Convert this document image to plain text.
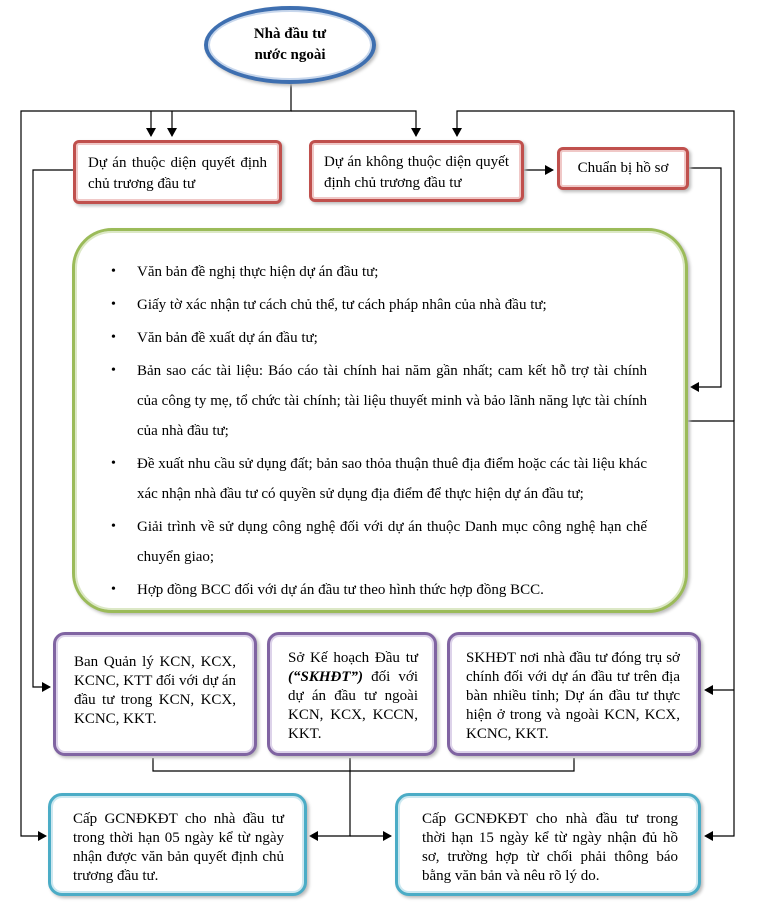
Nhà đầu tư
nước ngoài
Dự án thuộc diện quyết định chủ trương đầu tư
Dự án không thuộc diện quyết định chủ trương đầu tư
Chuẩn bị hồ sơ
• Văn bản đề nghị thực hiện dự án đầu tư;
• Giấy tờ xác nhận tư cách chủ thể, tư cách pháp nhân của nhà đầu tư;
• Văn bản đề xuất dự án đầu tư;
• Bản sao các tài liệu: Báo cáo tài chính hai năm gần nhất; cam kết hỗ trợ tài chính của công ty mẹ, tổ chức tài chính; tài liệu thuyết minh và bảo lãnh năng lực tài chính của nhà đầu tư;
• Đề xuất nhu cầu sử dụng đất; bản sao thỏa thuận thuê địa điểm hoặc các tài liệu khác xác nhận nhà đầu tư có quyền sử dụng địa điểm để thực hiện dự án đầu tư;
• Giải trình về sử dụng công nghệ đối với dự án thuộc Danh mục công nghệ hạn chế chuyển giao;
• Hợp đồng BCC đối với dự án đầu tư theo hình thức hợp đồng BCC.
Ban Quản lý KCN, KCX, KCNC, KTT đối với dự án đầu tư trong KCN, KCX, KCNC, KKT.
Sở Kế hoạch Đầu tư (“SKHĐT”) đối với dự án đầu tư ngoài KCN, KCX, KCCN, KKT.
SKHĐT nơi nhà đầu tư đóng trụ sở chính đối với dự án đầu tư trên địa bàn nhiều tỉnh; Dự án đầu tư thực hiện ở trong và ngoài KCN, KCX, KCNC, KKT.
Cấp GCNĐKĐT cho nhà đầu tư trong thời hạn 05 ngày kể từ ngày nhận được văn bản quyết định chủ trương đầu tư.
Cấp GCNĐKĐT cho nhà đầu tư trong thời hạn 15 ngày kể từ ngày nhận đủ hồ sơ, trường hợp từ chối phải thông báo bằng văn bản và nêu rõ lý do.
